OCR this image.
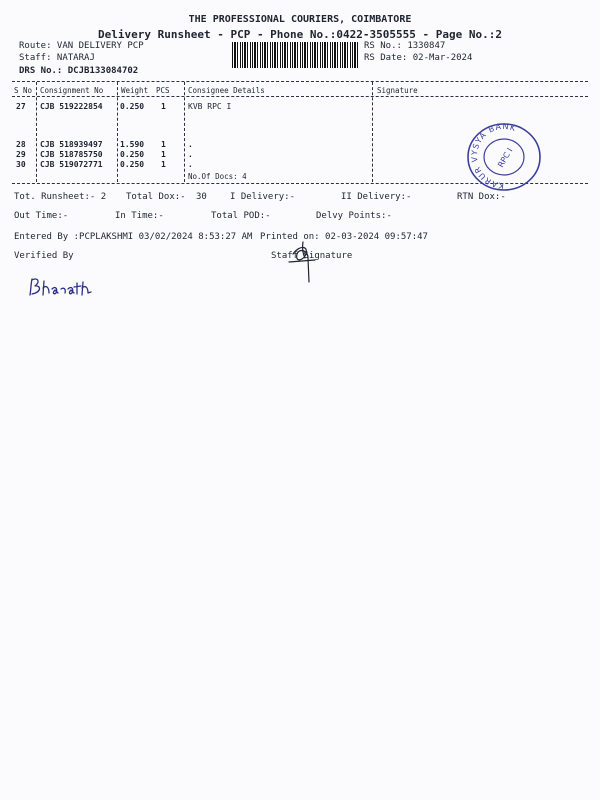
THE PROFESSIONAL COURIERS, COIMBATORE
Delivery Runsheet - PCP - Phone No.:0422-3505555 - Page No.:2
Route: VAN DELIVERY PCP
Staff: NATARAJ
DRS No.: DCJB133084702
RS No.: 1330847
RS Date: 02-Mar-2024
S No Consignment No Weight PCS Consignee Details	Signature
27 CJB 519222854 0.250 1	KVB RPC I
28 CJB 518939497 1.590 1	.
29 CJB 518785750 0.250 1	.
30 CJB 519072771 0.250 1	.
No.Of Docs: 4
KARUR VYSYA BANK
RPC I
Tot. Runsheet:- 2 Total Dox:- 30	I Delivery:-	II Delivery:-	RTN Dox:-
Out Time:-	In Time:-	Total POD:-	Delvy Points:-
Entered By :PCPLAKSHMI 03/02/2024 8:53:27 AM Printed on: 02-03-2024 09:57:47
Verified By	Staff Signature
